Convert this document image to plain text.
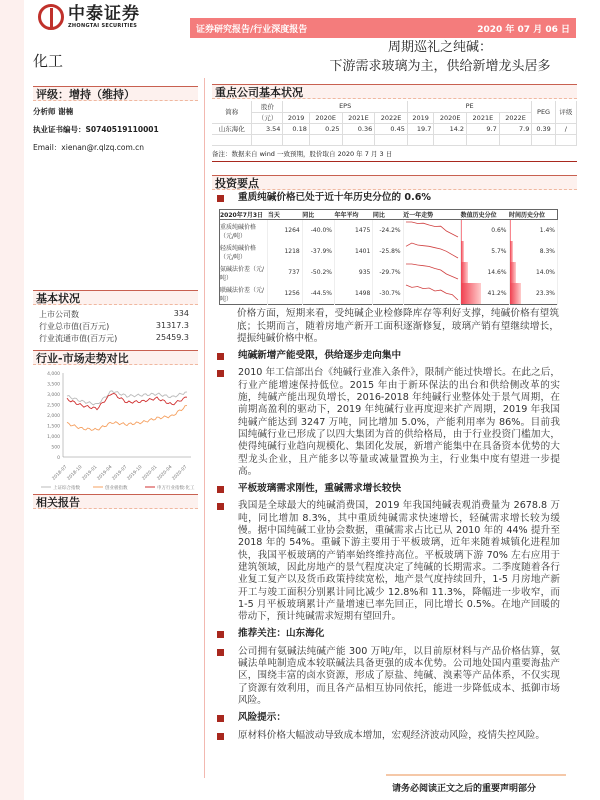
中泰证券
ZHONGTAI SECURITIES	证券研究报告/行业深度报告	2020 年 07 月 06 日
化工
周期巡礼之纯碱：
下游需求玻璃为主，供给新增龙头居多
评级：增持（维持）
分析师 谢楠
执业证书编号：S0740519110001
Email：xienan@r.qlzq.com.cn
基本状况
上市公司数	334
行业总市值(百万元)	31317.3
行业流通市值(百万元)	25459.3
行业-市场走势对比
0
500
1,000
1,500
2,000
2,500
3,000
3,500
4,000
2018-07
2018-10
2019-01
2019-04
2019-07
2019-10
2020-01
2020-04
2020-07
上证综合指数	创业板指数	申万行业指数:化工
相关报告
重点公司基本状况
简称	股价	EPS				PE				PEG	评级
	（元）	2019	2020E	2021E	2022E	2019	2020E	2021E	2022E		
山东海化	3.54	0.18	0.25	0.36	0.45	19.7	14.2	9.7	7.9	0.39	/

备注：数据来自 wind 一致预期，股价取自 2020 年 7 月 3 日
投资要点
重质纯碱价格已处于近十年历史分位的 0.6%
2020年7月3日	当天	同比	年年平均	同比	近一年走势	数值历史分位	时间历史分位
重质纯碱价格（元/吨）	1264	-40.0%	1475	-24.2%		0.6%	1.4%
轻质纯碱价格（元/吨）	1218	-37.9%	1401	-25.8%		5.7%	8.3%
氨碱法价差（元/吨）	737	-50.2%	935	-29.7%		14.6%	14.0%
联碱法价差（元/吨）	1256	-44.5%	1498	-30.7%		41.2%	23.3%
价格方面，短期来看，受纯碱企业检修降库存等利好支撑，纯碱价格有望筑底；长期而言，随着房地产新开工面积逐渐修复，玻璃产销有望继续增长，提振纯碱价格中枢。
纯碱新增产能受限，供给逐步走向集中
2010 年工信部出台《纯碱行业准入条件》，限制产能过快增长。在此之后，行业产能增速保持低位。2015 年由于新环保法的出台和供给侧改革的实施，纯碱产能出现负增长，2016-2018 年纯碱行业整体处于景气周期，在前期高盈利的驱动下，2019 年纯碱行业再度迎来扩产周期，2019 年我国纯碱产能达到 3247 万吨，同比增加 5.0%，产能利用率为 86%。目前我国纯碱行业已形成了以四大集团为首的供给格局，由于行业投资门槛加大，使得纯碱行业趋向规模化、集团化发展，新增产能集中在具备资本优势的大型龙头企业，且产能多以等量或减量置换为主，行业集中度有望进一步提高。
平板玻璃需求刚性，重碱需求增长较快
我国是全球最大的纯碱消费国，2019 年我国纯碱表观消费量为 2678.8 万吨，同比增加 8.3%，其中重质纯碱需求快速增长，轻碱需求增长较为缓慢。据中国纯碱工业协会数据，重碱需求占比已从 2010 年的 44% 提升至 2018 年的 54%。重碱下游主要用于平板玻璃，近年来随着城镇化进程加快，我国平板玻璃的产销率始终维持高位。平板玻璃下游 70% 左右应用于建筑领域，因此房地产的景气程度决定了纯碱的长期需求。二季度随着各行业复工复产以及货币政策持续宽松，地产景气度持续回升，1-5 月房地产新开工与竣工面积分别累计同比减少 12.8%和 11.3%，降幅进一步收窄，而 1-5 月平板玻璃累计产量增速已率先回正，同比增长 0.5%。在地产回暖的带动下，预计纯碱需求短期有望回升。
推荐关注：山东海化
公司拥有氨碱法纯碱产能 300 万吨/年，以目前原材料与产品价格估算，氨碱法单吨制造成本较联碱法具备更强的成本优势。公司地处国内重要海盐产区，围绕丰富的卤水资源，形成了原盐、纯碱、溴素等产品体系，不仅实现了资源有效利用，而且各产品相互协同依托，能进一步降低成本、抵御市场风险。
风险提示：
原材料价格大幅波动导致成本增加，宏观经济波动风险，疫情失控风险。
请务必阅读正文之后的重要声明部分
